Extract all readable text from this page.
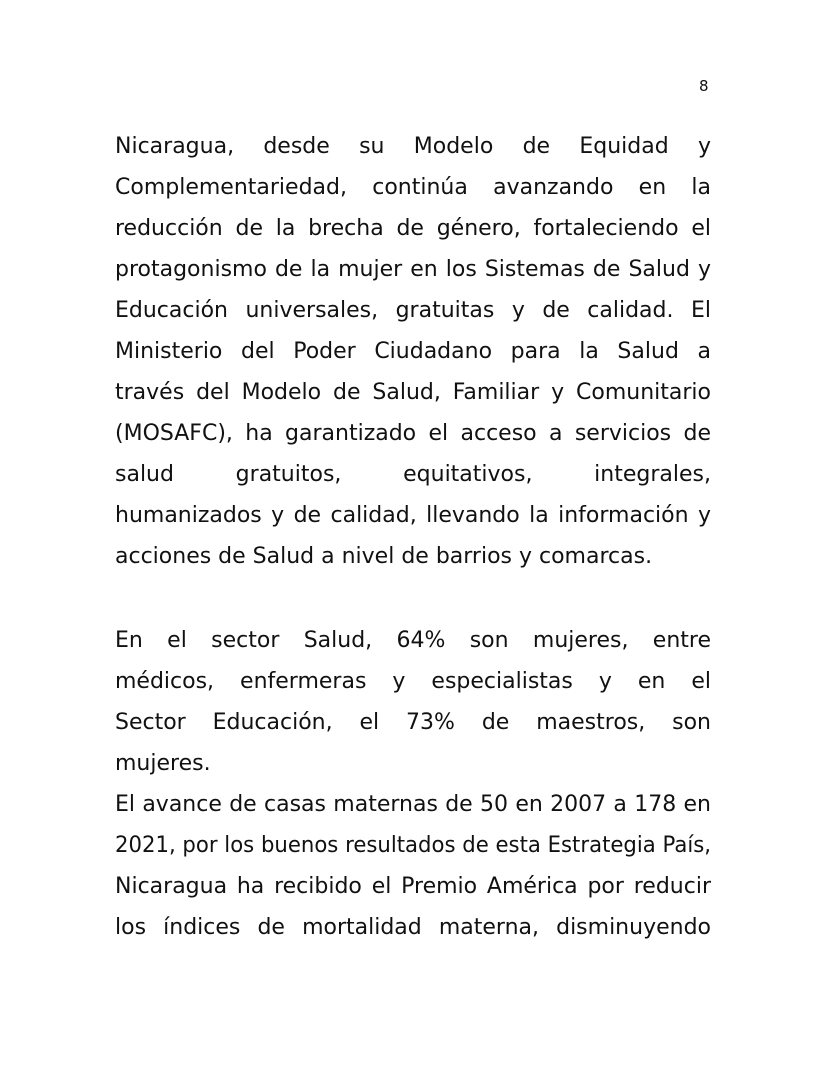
8
Nicaragua, desde su Modelo de Equidad y
Complementariedad, continúa avanzando en la
reducción de la brecha de género, fortaleciendo el
protagonismo de la mujer en los Sistemas de Salud y
Educación universales, gratuitas y de calidad. El
Ministerio del Poder Ciudadano para la Salud a
través del Modelo de Salud, Familiar y Comunitario
(MOSAFC), ha garantizado el acceso a servicios de
salud gratuitos, equitativos, integrales,
humanizados y de calidad, llevando la información y
acciones de Salud a nivel de barrios y comarcas.
En el sector Salud, 64% son mujeres, entre
médicos, enfermeras y especialistas y en el
Sector Educación, el 73% de maestros, son
mujeres.
El avance de casas maternas de 50 en 2007 a 178 en
2021, por los buenos resultados de esta Estrategia País,
Nicaragua ha recibido el Premio América por reducir
los índices de mortalidad materna, disminuyendo
